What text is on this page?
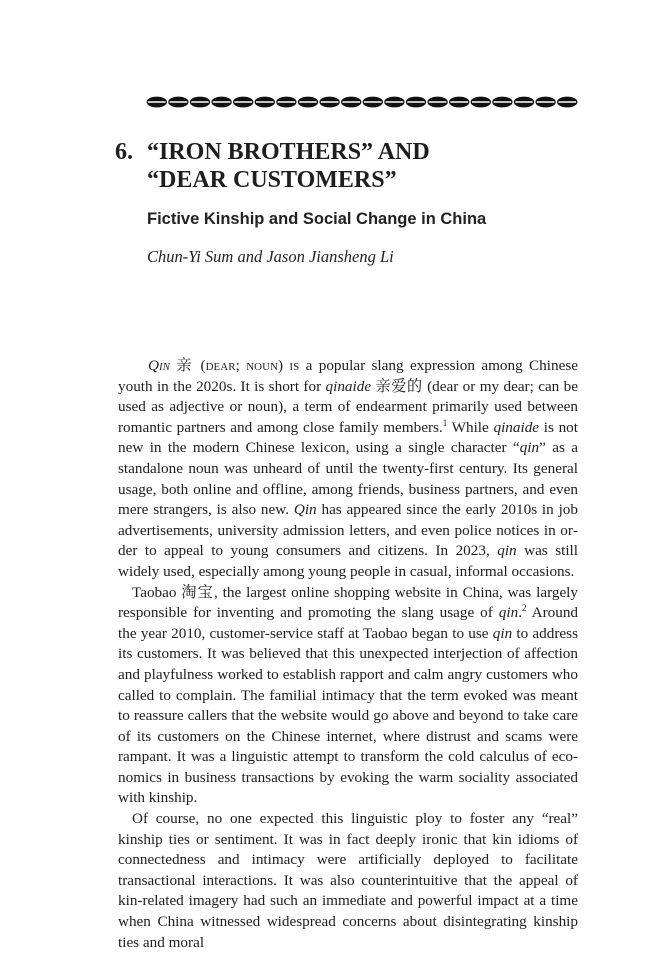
6. “IRON BROTHERS” AND
“DEAR CUSTOMERS”
Fictive Kinship and Social Change in China
Chun-Yi Sum and Jason Jiansheng Li

Qin 亲 (dear; noun) is a popular slang expression among Chinese youth in the 2020s. It is short for qinaide 亲爱的 (dear or my dear; can be used as adjective or noun), a term of endearment primarily used between romantic partners and among close family members.$^1$ While qinaide is not new in the modern Chinese lexicon, using a single character “qin” as a standalone noun was unheard of until the twenty-first century. Its general usage, both online and offline, among friends, business partners, and even mere strangers, is also new. Qin has appeared since the early 2010s in job advertisements, university admission letters, and even police notices in order to appeal to young consumers and citizens. In 2023, qin was still widely used, especially among young people in casual, informal occasions.

Taobao 淘宝, the largest online shopping website in China, was largely responsible for inventing and promoting the slang usage of qin.$^2$ Around the year 2010, customer-service staff at Taobao began to use qin to address its customers. It was believed that this unexpected interjection of affection and playfulness worked to establish rapport and calm angry customers who called to complain. The familial intimacy that the term evoked was meant to reassure callers that the website would go above and beyond to take care of its customers on the Chinese internet, where distrust and scams were rampant. It was a linguistic attempt to transform the cold calculus of economics in business transactions by evoking the warm sociality associated with kinship.

Of course, no one expected this linguistic ploy to foster any “real” kinship ties or sentiment. It was in fact deeply ironic that kin idioms of connectedness and intimacy were artificially deployed to facilitate transactional interactions. It was also counterintuitive that the appeal of kin-related imagery had such an immediate and powerful impact at a time when China witnessed widespread concerns about disintegrating kinship ties and moral
